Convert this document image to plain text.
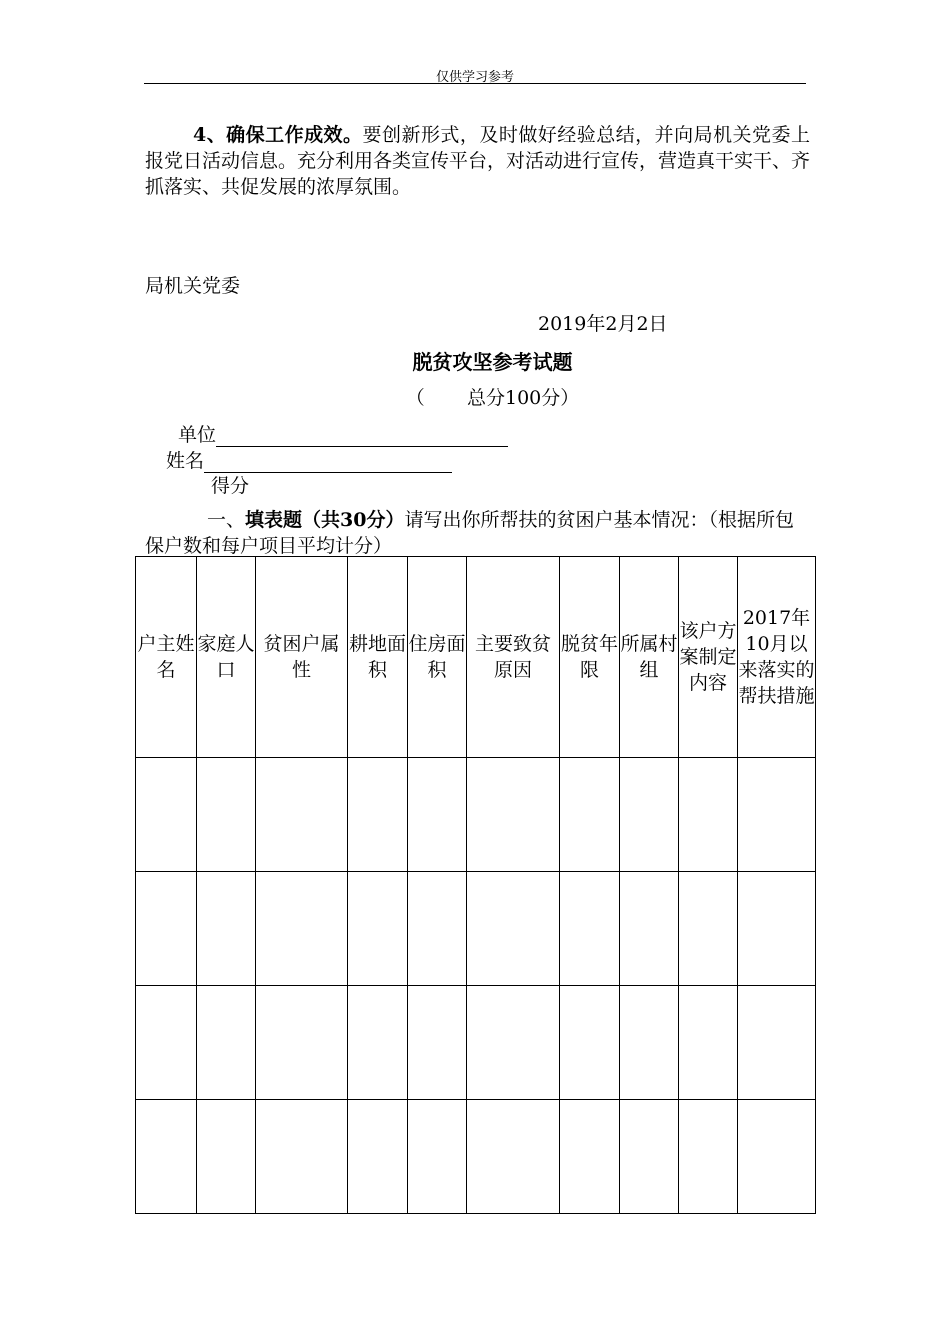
仅供学习参考
4、确保工作成效。要创新形式，及时做好经验总结，并向局机关党委上报党日活动信息。充分利用各类宣传平台，对活动进行宣传，营造真干实干、齐抓落实、共促发展的浓厚氛围。
局机关党委
2019年2月2日
脱贫攻坚参考试题
（       总分100分）
单位
姓名
得分
一、填表题（共30分）请写出你所帮扶的贫困户基本情况：（根据所包保户数和每户项目平均计分）
户主姓名	家庭人口	贫困户属性	耕地面积	住房面积	主要致贫原因	脱贫年限	所属村组	该户方案制定内容	2017年10月以来落实的帮扶措施
